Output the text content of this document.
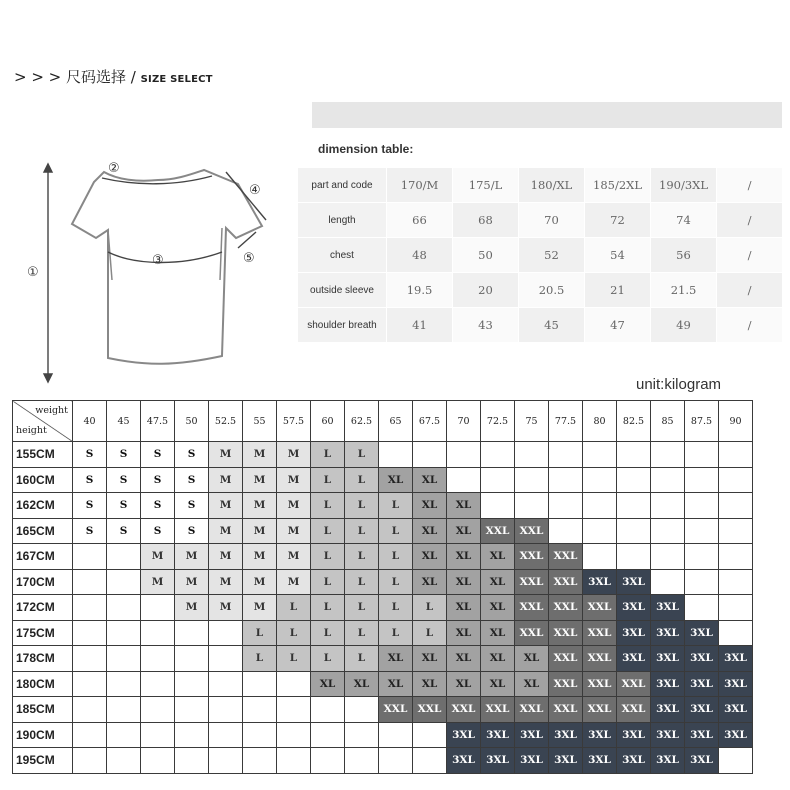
> > > 尺码选择 / SIZE SELECT
dimension table:
①
②
③
④
⑤
part and code	170/M	175/L	180/XL	185/2XL	190/3XL	/
length	66	68	70	72	74	/
chest	48	50	52	54	56	/
outside sleeve	19.5	20	20.5	21	21.5	/
shoulder breath	41	43	45	47	49	/
unit:kilogram
weight
height	40	45	47.5	50	52.5	55	57.5	60	62.5	65	67.5	70	72.5	75	77.5	80	82.5	85	87.5	90
155CM	S	S	S	S	M	M	M	L	L											
160CM	S	S	S	S	M	M	M	L	L	XL	XL									
162CM	S	S	S	S	M	M	M	L	L	L	XL	XL								
165CM	S	S	S	S	M	M	M	L	L	L	XL	XL	XXL	XXL						
167CM			M	M	M	M	M	L	L	L	XL	XL	XL	XXL	XXL					
170CM			M	M	M	M	M	L	L	L	XL	XL	XL	XXL	XXL	3XL	3XL			
172CM				M	M	M	L	L	L	L	L	XL	XL	XXL	XXL	XXL	3XL	3XL		
175CM						L	L	L	L	L	L	XL	XL	XXL	XXL	XXL	3XL	3XL	3XL	
178CM						L	L	L	L	XL	XL	XL	XL	XL	XXL	XXL	3XL	3XL	3XL	3XL
180CM								XL	XL	XL	XL	XL	XL	XL	XXL	XXL	XXL	3XL	3XL	3XL
185CM										XXL	XXL	XXL	XXL	XXL	XXL	XXL	XXL	3XL	3XL	3XL
190CM												3XL	3XL	3XL	3XL	3XL	3XL	3XL	3XL	3XL
195CM												3XL	3XL	3XL	3XL	3XL	3XL	3XL	3XL	
